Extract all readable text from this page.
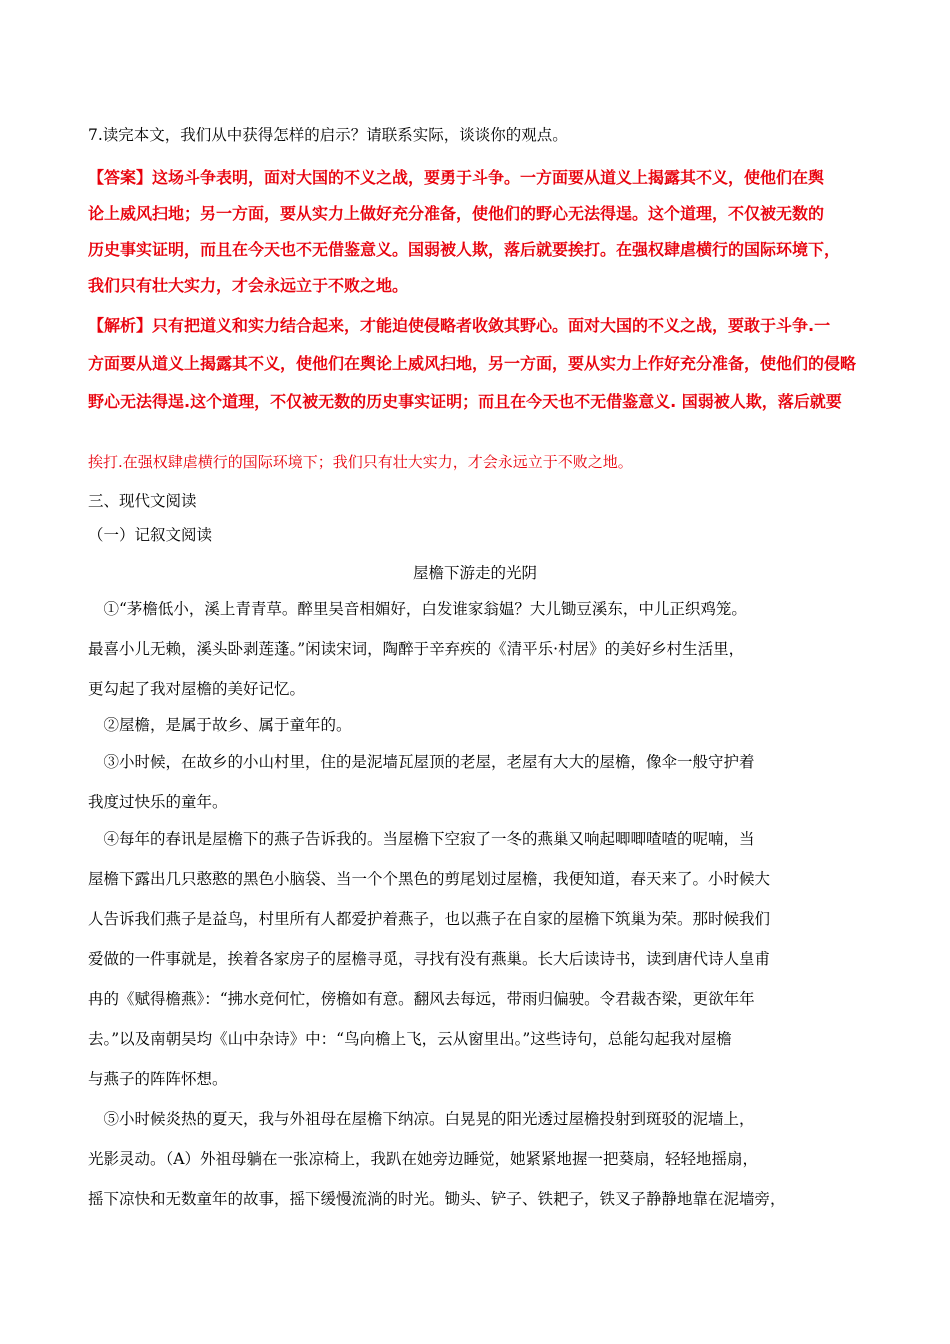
7.读完本文，我们从中获得怎样的启示？请联系实际，谈谈你的观点。
【答案】这场斗争表明，面对大国的不义之战，要勇于斗争。一方面要从道义上揭露其不义，使他们在舆
论上威风扫地；另一方面，要从实力上做好充分准备，使他们的野心无法得逞。这个道理，不仅被无数的
历史事实证明，而且在今天也不无借鉴意义。国弱被人欺，落后就要挨打。在强权肆虐横行的国际环境下，
我们只有壮大实力，才会永远立于不败之地。
【解析】只有把道义和实力结合起来，才能迫使侵略者收敛其野心。面对大国的不义之战，要敢于斗争.一
方面要从道义上揭露其不义，使他们在舆论上威风扫地，另一方面，要从实力上作好充分准备，使他们的侵略
野心无法得逞.这个道理，不仅被无数的历史事实证明；而且在今天也不无借鉴意义. 国弱被人欺，落后就要
挨打.在强权肆虐横行的国际环境下；我们只有壮大实力，才会永远立于不败之地。
三、现代文阅读
（一）记叙文阅读
屋檐下游走的光阴
　①“茅檐低小，溪上青青草。醉里吴音相媚好，白发谁家翁媪？大儿锄豆溪东，中儿正织鸡笼。
最喜小儿无赖，溪头卧剥莲蓬。”闲读宋词，陶醉于辛弃疾的《清平乐·村居》的美好乡村生活里，
更勾起了我对屋檐的美好记忆。
　②屋檐，是属于故乡、属于童年的。
　③小时候，在故乡的小山村里，住的是泥墙瓦屋顶的老屋，老屋有大大的屋檐，像伞一般守护着
我度过快乐的童年。
　④每年的春讯是屋檐下的燕子告诉我的。当屋檐下空寂了一冬的燕巢又响起唧唧喳喳的呢喃，当
屋檐下露出几只憨憨的黑色小脑袋、当一个个黑色的剪尾划过屋檐，我便知道，春天来了。小时候大
人告诉我们燕子是益鸟，村里所有人都爱护着燕子，也以燕子在自家的屋檐下筑巢为荣。那时候我们
爱做的一件事就是，挨着各家房子的屋檐寻觅，寻找有没有燕巢。长大后读诗书，读到唐代诗人皇甫
冉的《赋得檐燕》：“拂水竞何忙，傍檐如有意。翻风去每远，带雨归偏驶。令君裁杏梁，更欲年年
去。”以及南朝吴均《山中杂诗》中：“鸟向檐上飞，云从窗里出。”这些诗句，总能勾起我对屋檐
与燕子的阵阵怀想。
　⑤小时候炎热的夏天，我与外祖母在屋檐下纳凉。白晃晃的阳光透过屋檐投射到斑驳的泥墙上，
光影灵动。（A）外祖母躺在一张凉椅上，我趴在她旁边睡觉，她紧紧地握一把葵扇，轻轻地摇扇，
摇下凉快和无数童年的故事，摇下缓慢流淌的时光。锄头、铲子、铁耙子，铁叉子静静地靠在泥墙旁，
